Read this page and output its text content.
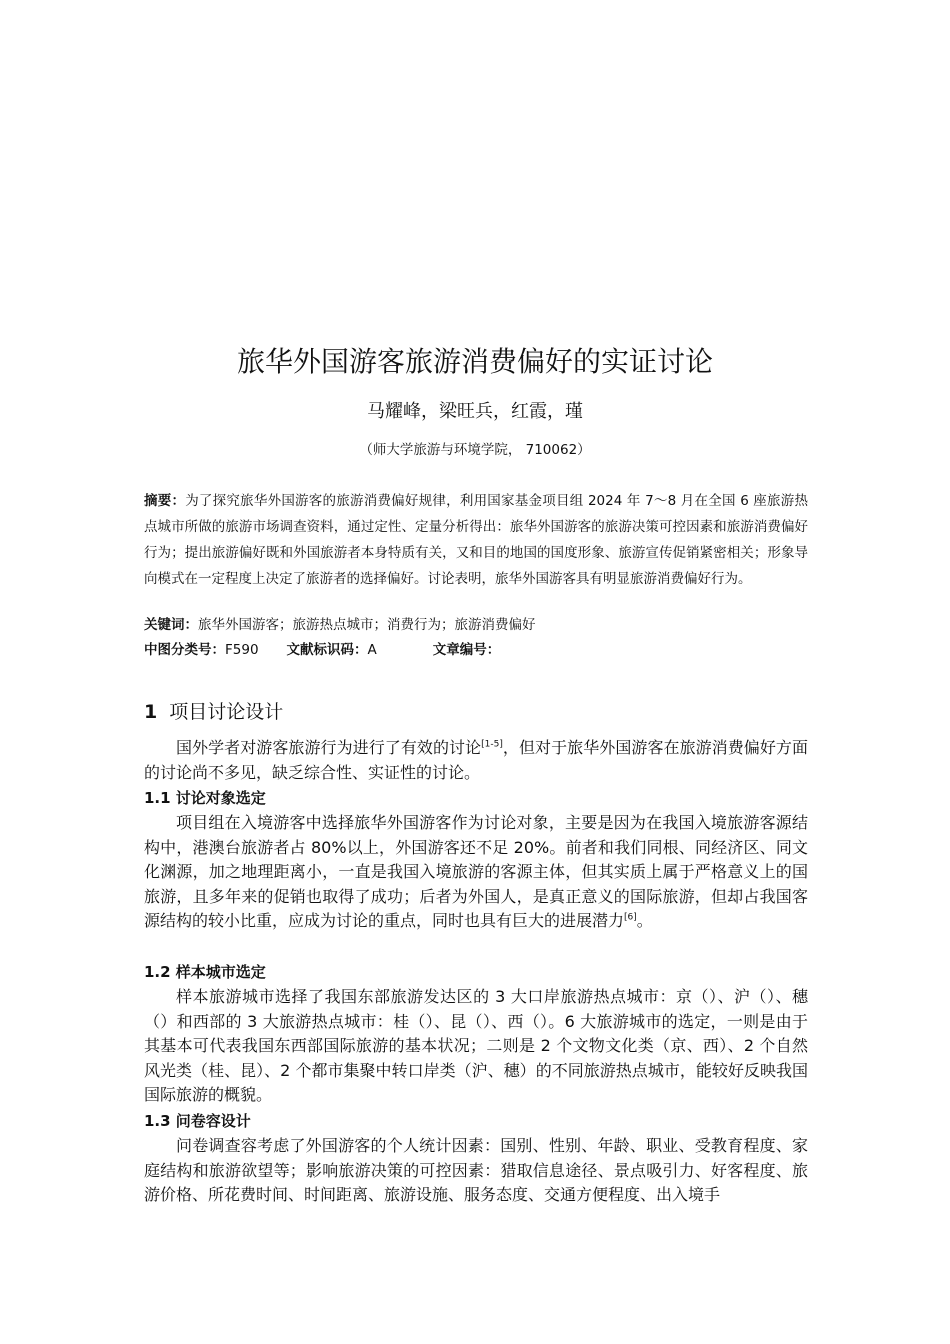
旅华外国游客旅游消费偏好的实证讨论
马耀峰，梁旺兵，红霞，瑾
（师大学旅游与环境学院， 710062）

摘要：为了探究旅华外国游客的旅游消费偏好规律，利用国家基金项目组 2024 年 7～8 月在全国 6 座旅游热点城市所做的旅游市场调查资料，通过定性、定量分析得出：旅华外国游客的旅游决策可控因素和旅游消费偏好行为；提出旅游偏好既和外国旅游者本身特质有关，又和目的地国的国度形象、旅游宣传促销紧密相关；形象导向模式在一定程度上决定了旅游者的选择偏好。讨论表明，旅华外国游客具有明显旅游消费偏好行为。

关键词：旅华外国游客；旅游热点城市；消费行为；旅游消费偏好
中图分类号：F590 文献标识码：A	文章编号：
1 项目讨论设计

国外学者对游客旅游行为进行了有效的讨论[1-5]，但对于旅华外国游客在旅游消费偏好方面的讨论尚不多见，缺乏综合性、实证性的讨论。

1.1 讨论对象选定

项目组在入境游客中选择旅华外国游客作为讨论对象，主要是因为在我国入境旅游客源结构中，港澳台旅游者占 80%以上，外国游客还不足 20%。前者和我们同根、同经济区、同文化渊源，加之地理距离小，一直是我国入境旅游的客源主体，但其实质上属于严格意义上的国旅游，且多年来的促销也取得了成功；后者为外国人，是真正意义的国际旅游，但却占我国客源结构的较小比重，应成为讨论的重点，同时也具有巨大的进展潜力[6]。

1.2 样本城市选定

样本旅游城市选择了我国东部旅游发达区的 3 大口岸旅游热点城市：京（）、沪（）、穗（）和西部的 3 大旅游热点城市：桂（）、昆（）、西（）。6 大旅游城市的选定，一则是由于其基本可代表我国东西部国际旅游的基本状况；二则是 2 个文物文化类（京、西）、2 个自然风光类（桂、昆）、2 个都市集聚中转口岸类（沪、穗）的不同旅游热点城市，能较好反映我国国际旅游的概貌。

1.3 问卷容设计

问卷调查容考虑了外国游客的个人统计因素：国别、性别、年龄、职业、受教育程度、家庭结构和旅游欲望等；影响旅游决策的可控因素：猎取信息途径、景点吸引力、好客程度、旅游价格、所花费时间、时间距离、旅游设施、服务态度、交通方便程度、出入境手
